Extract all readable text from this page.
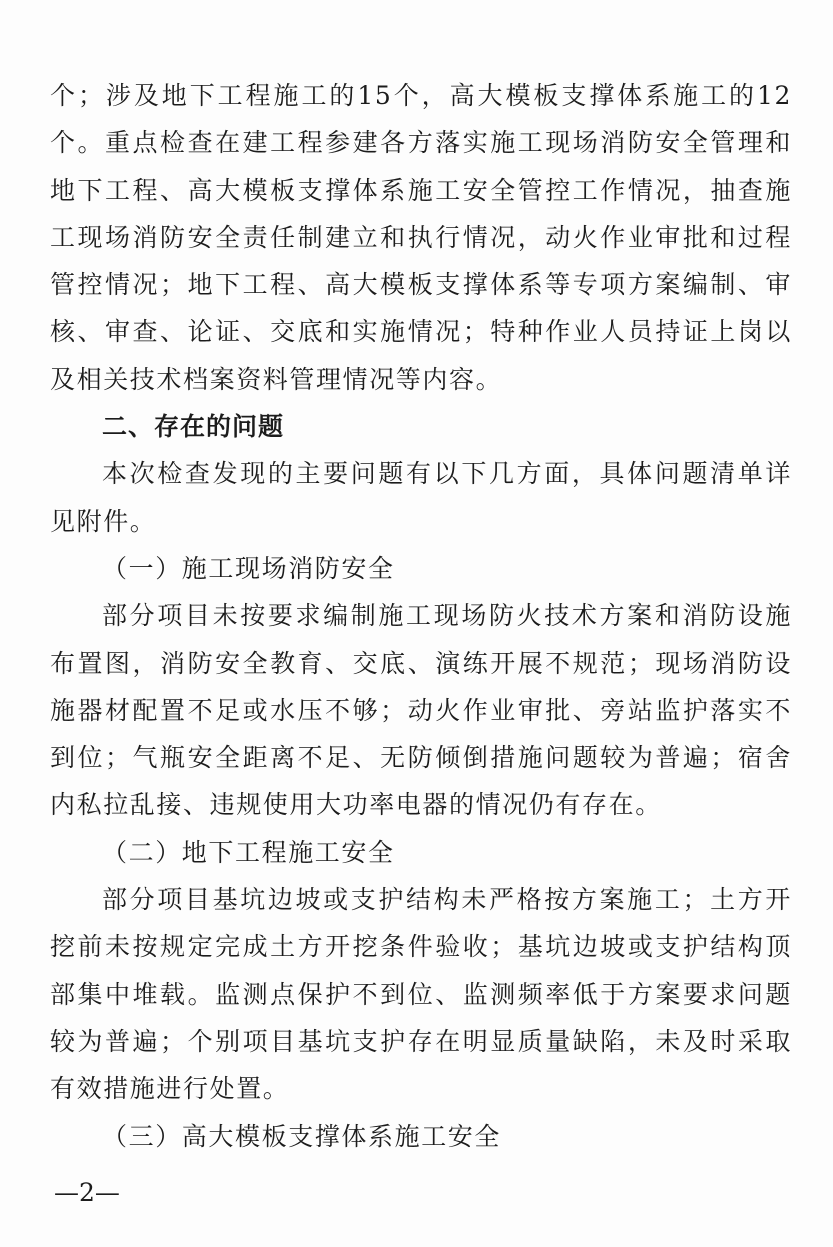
个；涉及地下工程施工的15个，高大模板支撑体系施工的12个。重点检查在建工程参建各方落实施工现场消防安全管理和地下工程、高大模板支撑体系施工安全管控工作情况，抽查施工现场消防安全责任制建立和执行情况，动火作业审批和过程管控情况；地下工程、高大模板支撑体系等专项方案编制、审核、审查、论证、交底和实施情况；特种作业人员持证上岗以及相关技术档案资料管理情况等内容。

二、存在的问题

本次检查发现的主要问题有以下几方面，具体问题清单详见附件。

（一）施工现场消防安全

部分项目未按要求编制施工现场防火技术方案和消防设施布置图，消防安全教育、交底、演练开展不规范；现场消防设施器材配置不足或水压不够；动火作业审批、旁站监护落实不到位；气瓶安全距离不足、无防倾倒措施问题较为普遍；宿舍内私拉乱接、违规使用大功率电器的情况仍有存在。

（二）地下工程施工安全

部分项目基坑边坡或支护结构未严格按方案施工；土方开挖前未按规定完成土方开挖条件验收；基坑边坡或支护结构顶部集中堆载。监测点保护不到位、监测频率低于方案要求问题较为普遍；个别项目基坑支护存在明显质量缺陷，未及时采取有效措施进行处置。

（三）高大模板支撑体系施工安全

—2—
